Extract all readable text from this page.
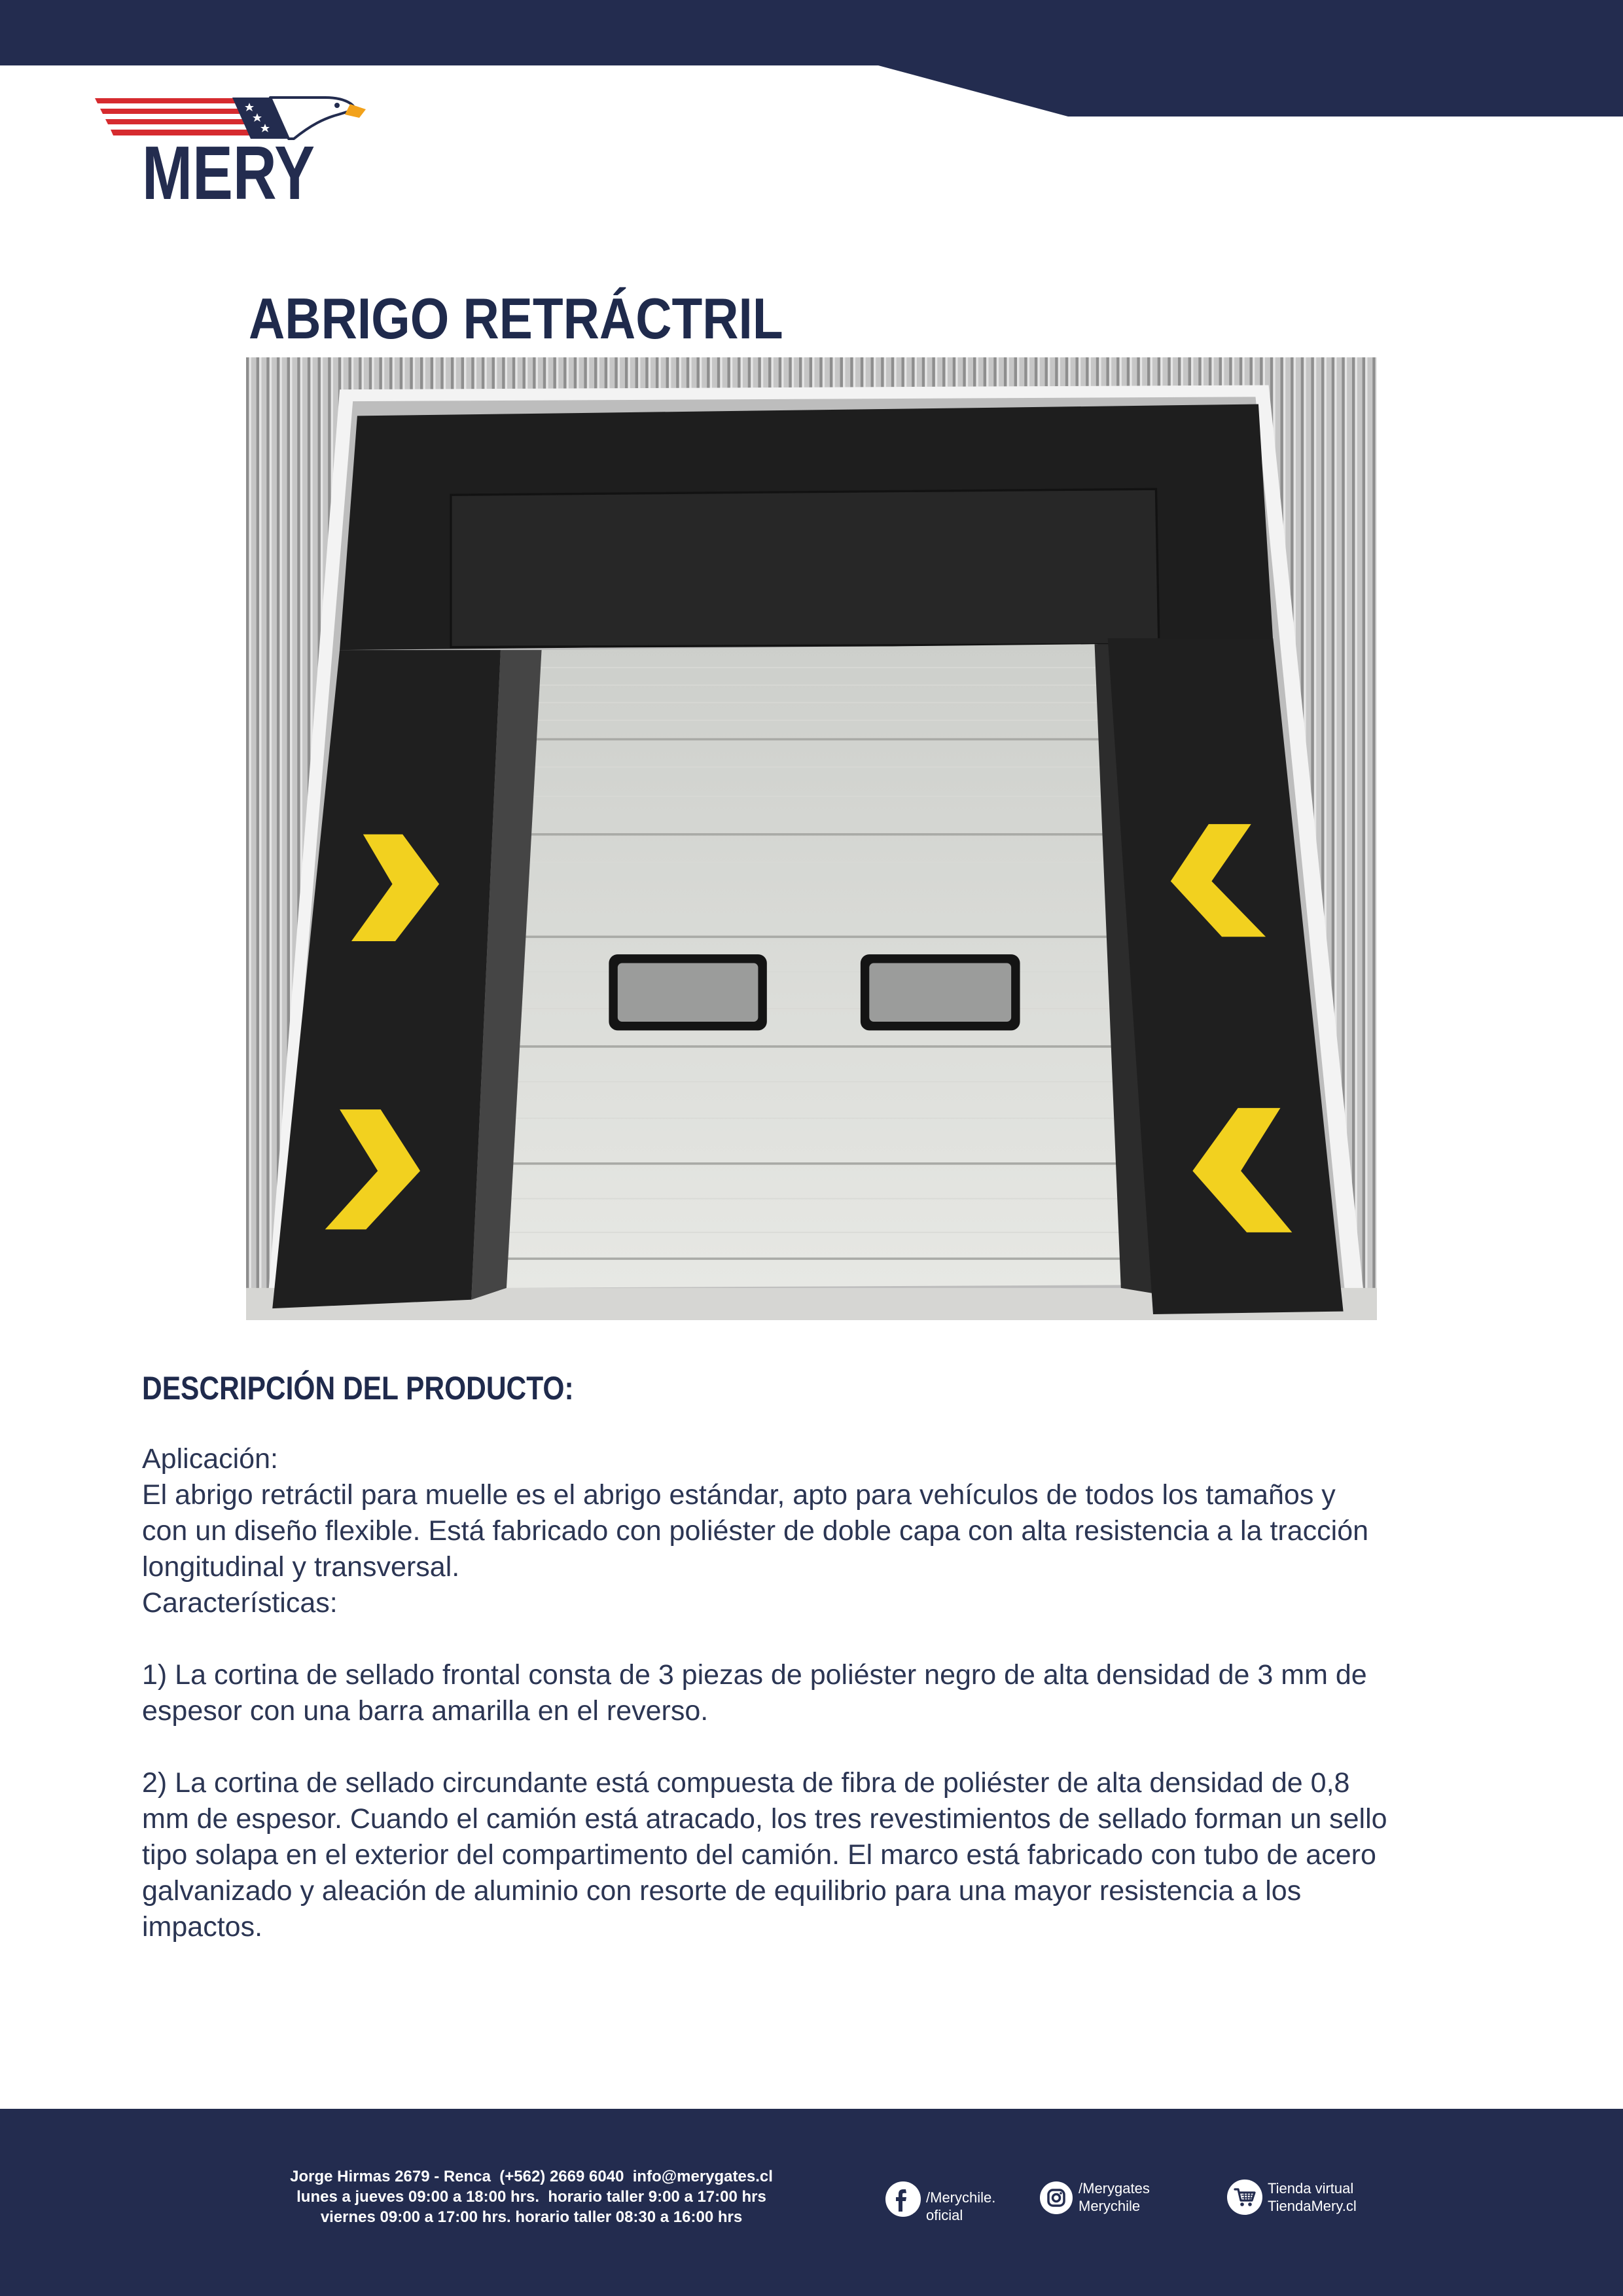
MERY
ABRIGO RETRÁCTRIL
DESCRIPCIÓN DEL PRODUCTO:
Aplicación:
El abrigo retráctil para muelle es el abrigo estándar, apto para vehículos de todos los tamaños y
con un diseño flexible. Está fabricado con poliéster de doble capa con alta resistencia a la tracción
longitudinal y transversal.
Características:
1) La cortina de sellado frontal consta de 3 piezas de poliéster negro de alta densidad de 3 mm de
espesor con una barra amarilla en el reverso.
2) La cortina de sellado circundante está compuesta de fibra de poliéster de alta densidad de 0,8
mm de espesor. Cuando el camión está atracado, los tres revestimientos de sellado forman un sello
tipo solapa en el exterior del compartimento del camión. El marco está fabricado con tubo de acero
galvanizado y aleación de aluminio con resorte de equilibrio para una mayor resistencia a los
impactos.
Jorge Hirmas 2679 - Renca  (+562) 2669 6040  info@merygates.cl
lunes a jueves 09:00 a 18:00 hrs.  horario taller 9:00 a 17:00 hrs
viernes 09:00 a 17:00 hrs. horario taller 08:30 a 16:00 hrs
/Merychile.
oficial
/Merygates
Merychile
Tienda virtual
TiendaMery.cl
